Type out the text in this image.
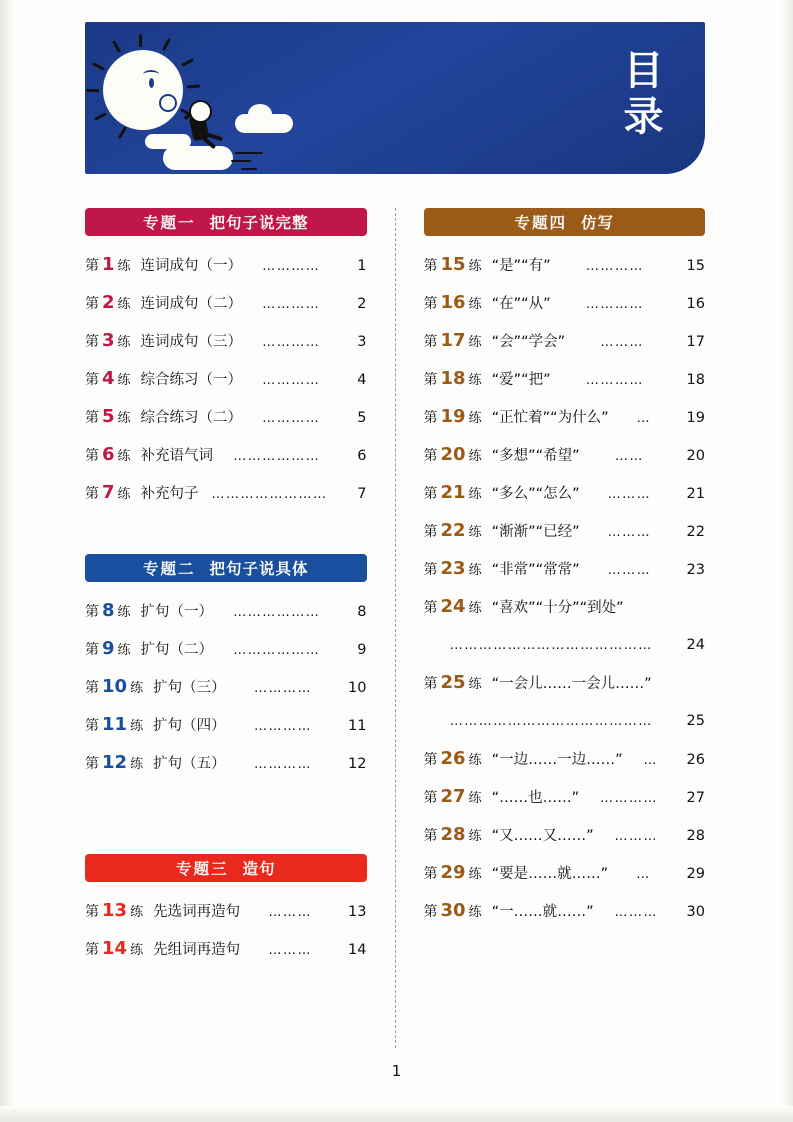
目
录
专题一 把句子说完整
第 1 练 连词成句（一）	…………	1
第 2 练 连词成句（二）	…………	2
第 3 练 连词成句（三）	…………	3
第 4 练 综合练习（一）	…………	4
第 5 练 综合练习（二）	…………	5
第 6 练 补充语气词	………………	6
第 7 练 补充句子 ……………………	7
专题二 把句子说具体
第 8 练 扩句（一）	………………	8
第 9 练 扩句（二）	………………	9
第 10 练 扩句（三）	…………	10
第 11 练 扩句（四）	…………	11
第 12 练 扩句（五）	…………	12
专题三 造句
第 13 练 先选词再造句	………	13
第 14 练 先组词再造句	………	14
专题四 仿写
第 15 练 “是”“有”	…………	15
第 16 练 “在”“从”	…………	16
第 17 练 “会”“学会”	………	17
第 18 练 “爱”“把”	…………	18
第 19 练 “正忙着”“为什么”	…	19
第 20 练 “多想”“希望”	……	20
第 21 练 “多么”“怎么”	………	21
第 22 练 “渐渐”“已经”	………	22
第 23 练 “非常”“常常”	………	23
第 24 练 “喜欢”“十分”“到处”
……………………………………	24
第 25 练 “一会儿……一会儿……”
……………………………………	25
第 26 练 “一边……一边……”	…	26
第 27 练 “……也……”	…………	27
第 28 练 “又……又……”	………	28
第 29 练 “要是……就……”	…	29
第 30 练 “一……就……”	………	30
1
